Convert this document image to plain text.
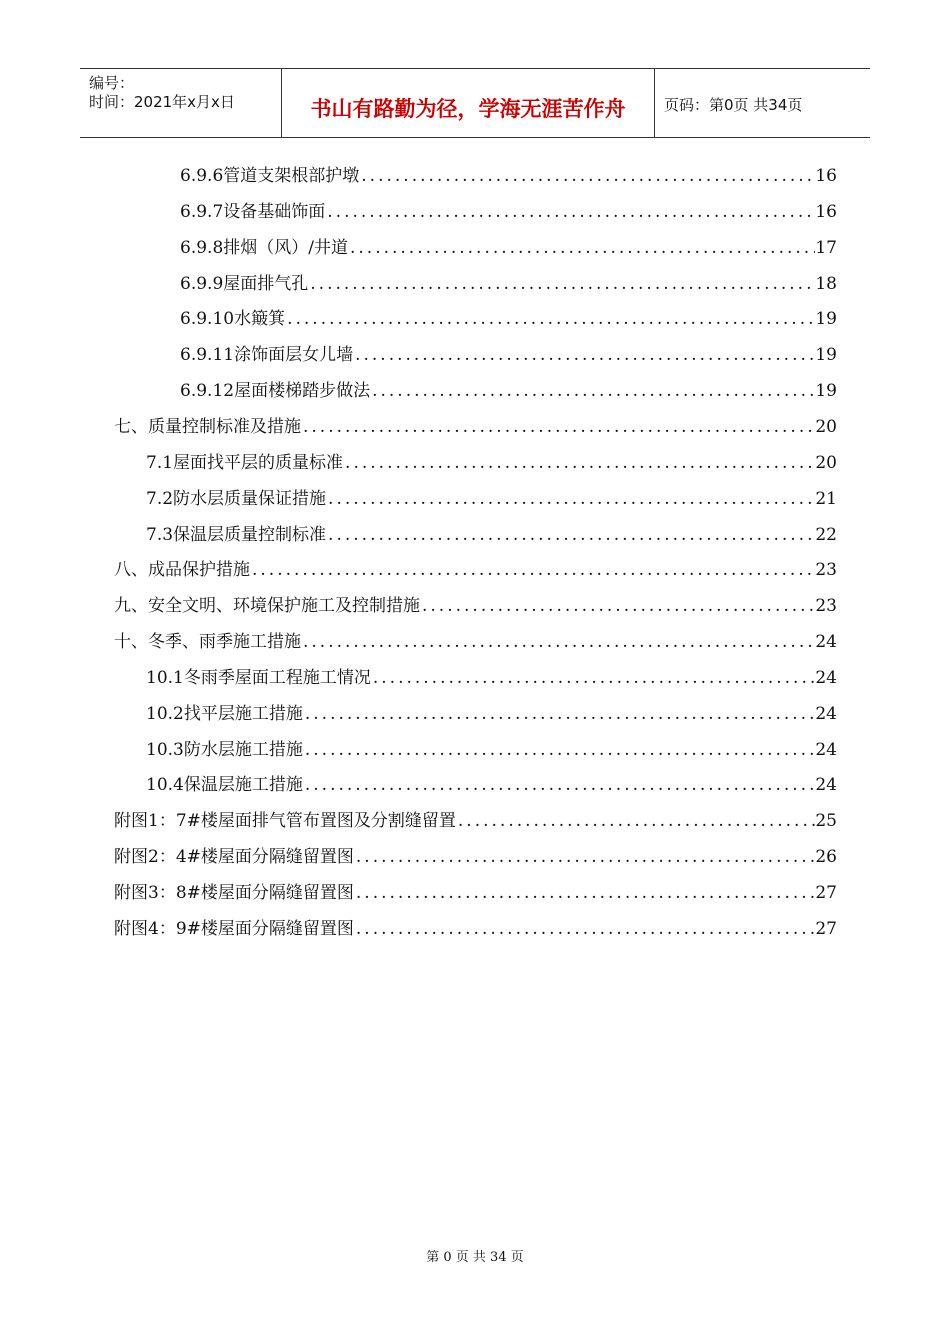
编号：
时间：2021年x月x日	书山有路勤为径，学海无涯苦作舟	页码：第0页 共34页
6.9.6管道支架根部护墩 .....	16
6.9.7设备基础饰面 .....	16
6.9.8排烟（风）/井道 .....	17
6.9.9屋面排气孔 .....	18
6.9.10水簸箕 .....	19
6.9.11涂饰面层女儿墙 .....	19
6.9.12屋面楼梯踏步做法 .....	19
七、质量控制标准及措施 .....	20
7.1屋面找平层的质量标准 .....	20
7.2防水层质量保证措施 .....	21
7.3保温层质量控制标准 .....	22
八、成品保护措施 .....	23
九、安全文明、环境保护施工及控制措施 .....	23
十、冬季、雨季施工措施 .....	24
10.1冬雨季屋面工程施工情况 .....	24
10.2找平层施工措施 .....	24
10.3防水层施工措施 .....	24
10.4保温层施工措施 .....	24
附图1：7#楼屋面排气管布置图及分割缝留置 .....	25
附图2：4#楼屋面分隔缝留置图 .....	26
附图3：8#楼屋面分隔缝留置图 .....	27
附图4：9#楼屋面分隔缝留置图 .....	27
第 0 页 共 34 页
